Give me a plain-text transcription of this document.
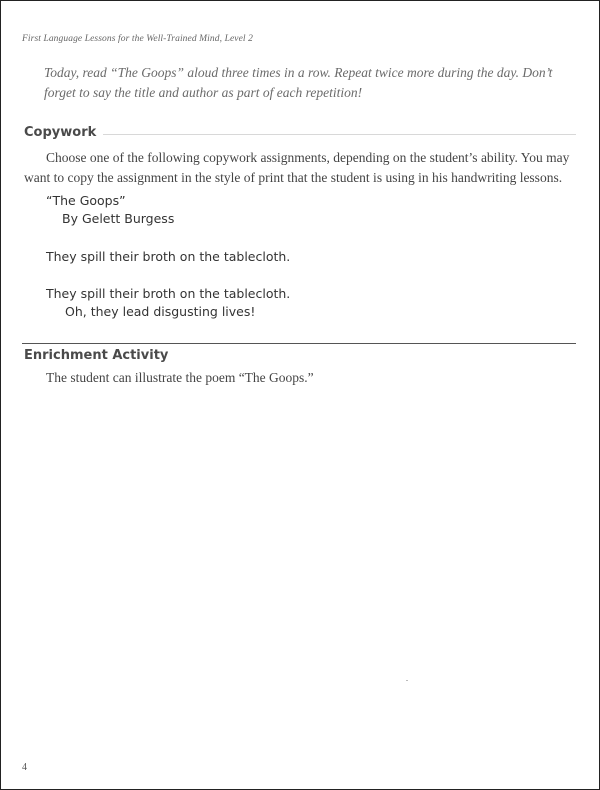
First Language Lessons for the Well-Trained Mind, Level 2
Today, read “The Goops” aloud three times in a row. Repeat twice more during the day. Don’t forget to say the title and author as part of each repetition!
Copywork
Choose one of the following copywork assignments, depending on the student’s ability. You may want to copy the assignment in the style of print that the student is using in his handwriting lessons.
“The Goops”
By Gelett Burgess
They spill their broth on the tablecloth.
They spill their broth on the tablecloth.
Oh, they lead disgusting lives!
Enrichment Activity
The student can illustrate the poem “The Goops.”
4
